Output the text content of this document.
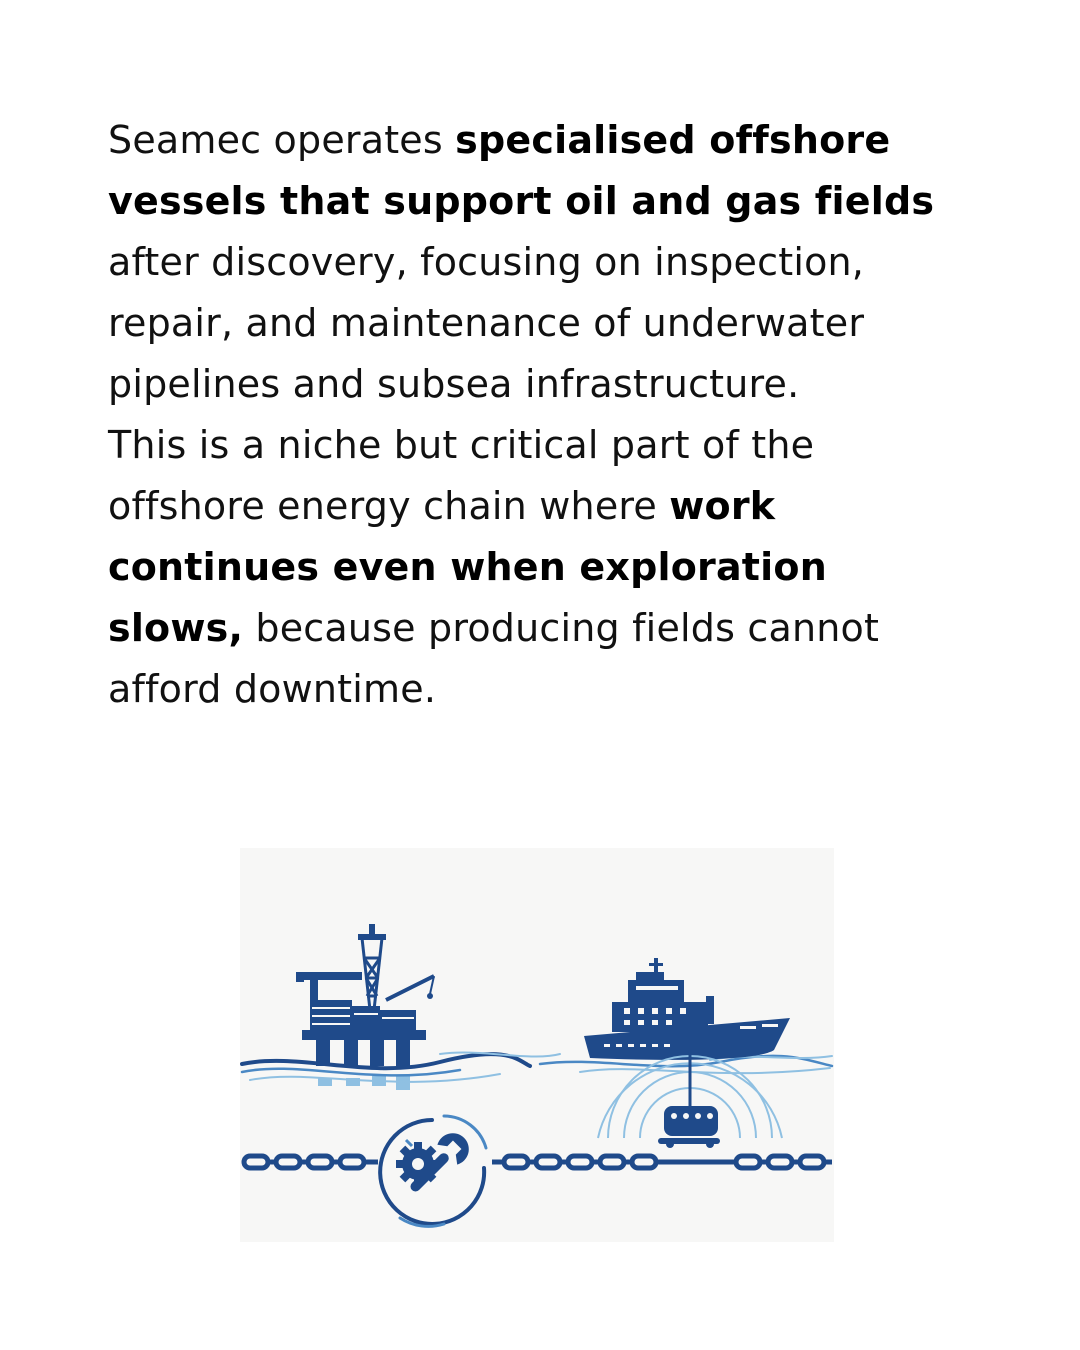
Seamec operates specialised offshore vessels that support oil and gas fields after discovery, focusing on inspection, repair, and maintenance of underwater pipelines and subsea infrastructure.

This is a niche but critical part of the offshore energy chain where work continues even when exploration slows, because producing fields cannot afford downtime.
